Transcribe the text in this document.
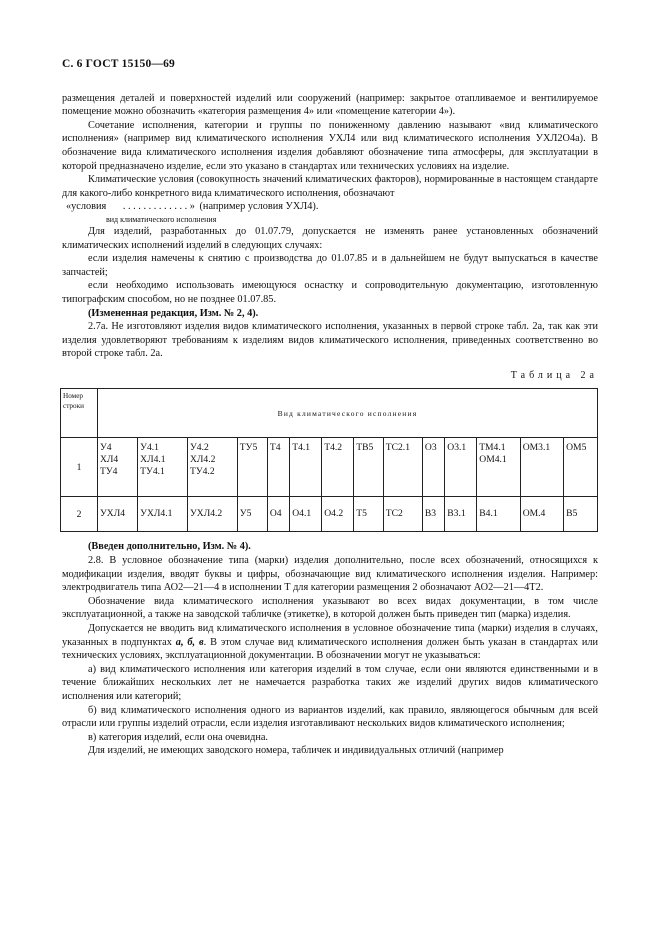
С. 6 ГОСТ 15150—69

размещения деталей и поверхностей изделий или сооружений (например: закрытое отапливаемое и вентилируемое помещение можно обозначить «категория размещения 4» или «помещение категории 4»).

Сочетание исполнения, категории и группы по пониженному давлению называют «вид климатического исполнения» (например вид климатического исполнения УХЛ4 или вид климатического исполнения УХЛ2О4а). В обозначение вида климатического исполнения изделия добавляют обозначение типа атмосферы, для эксплуатации в которой предназначено изделие, если это указано в стандартах или технических условиях на изделие.

Климатические условия (совокупность значений климатических факторов), нормированные в настоящем стандарте для какого-либо конкретного вида климатического исполнения, обозначают

«условия . . . . . . . . . . . . . » (например условия УХЛ4).
вид климатического исполнения

Для изделий, разработанных до 01.07.79, допускается не изменять ранее установленных обозначений климатических исполнений изделий в следующих случаях:

если изделия намечены к снятию с производства до 01.07.85 и в дальнейшем не будут выпускаться в качестве запчастей;

если необходимо использовать имеющуюся оснастку и сопроводительную документацию, изготовленную типографским способом, но не позднее 01.07.85.

(Измененная редакция, Изм. № 2, 4).

2.7а. Не изготовляют изделия видов климатического исполнения, указанных в первой строке табл. 2а, так как эти изделия удовлетворяют требованиям к изделиям видов климатического исполнения, приведенных соответственно во второй строке табл. 2а.

Таблица 2а
Номер строки	Вид климатического исполнения													
1	У4
ХЛ4
ТУ4	У4.1
ХЛ4.1
ТУ4.1	У4.2
ХЛ4.2
ТУ4.2	ТУ5	Т4	Т4.1	Т4.2	ТВ5	ТС2.1	О3	О3.1	ТМ4.1
ОМ4.1	ОМ3.1	ОМ5
2	УХЛ4	УХЛ4.1	УХЛ4.2	У5	О4	О4.1	О4.2	Т5	ТС2	В3	В3.1	В4.1	ОМ.4	В5

(Введен дополнительно, Изм. № 4).

2.8. В условное обозначение типа (марки) изделия дополнительно, после всех обозначений, относящихся к модификации изделия, вводят буквы и цифры, обозначающие вид климатического исполнения изделия. Например: электродвигатель типа АО2—21—4 в исполнении Т для категории размещения 2 обозначают АО2—21—4Т2.

Обозначение вида климатического исполнения указывают во всех видах документации, в том числе эксплуатационной, а также на заводской табличке (этикетке), в которой должен быть приведен тип (марка) изделия.

Допускается не вводить вид климатического исполнения в условное обозначение типа (марки) изделия в случаях, указанных в подпунктах а, б, в. В этом случае вид климатического исполнения должен быть указан в стандартах или технических условиях, эксплуатационной документации. В обозначении могут не указываться:

а) вид климатического исполнения или категория изделий в том случае, если они являются единственными и в течение ближайших нескольких лет не намечается разработка таких же изделий других видов климатического исполнения или категорий;

б) вид климатического исполнения одного из вариантов изделий, как правило, являющегося обычным для всей отрасли или группы изделий отрасли, если изделия изготавливают нескольких видов климатического исполнения;

в) категория изделий, если она очевидна.

Для изделий, не имеющих заводского номера, табличек и индивидуальных отличий (например
